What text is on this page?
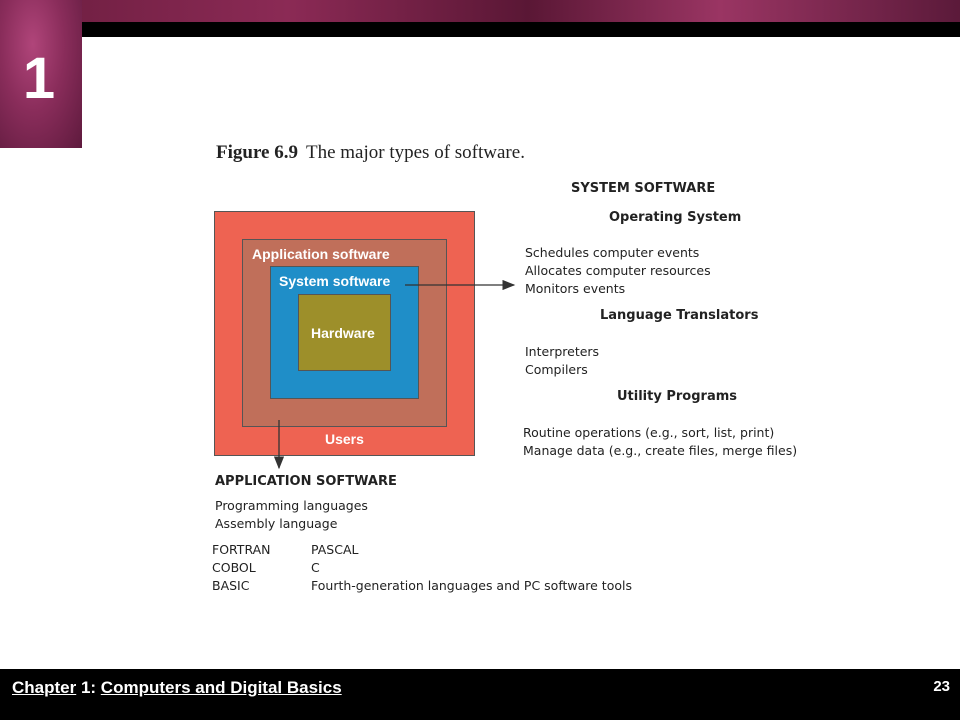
1
Figure 6.9 The major types of software.
Application software
System software
Hardware
Users
SYSTEM SOFTWARE
Operating System
Schedules computer events
Allocates computer resources
Monitors events
Language Translators
Interpreters
Compilers
Utility Programs
Routine operations (e.g., sort, list, print)
Manage data (e.g., create files, merge files)
APPLICATION SOFTWARE
Programming languages
Assembly language
FORTRAN
COBOL
BASIC
PASCAL
C
Fourth-generation languages and PC software tools
Chapter 1: Computers and Digital Basics	23
